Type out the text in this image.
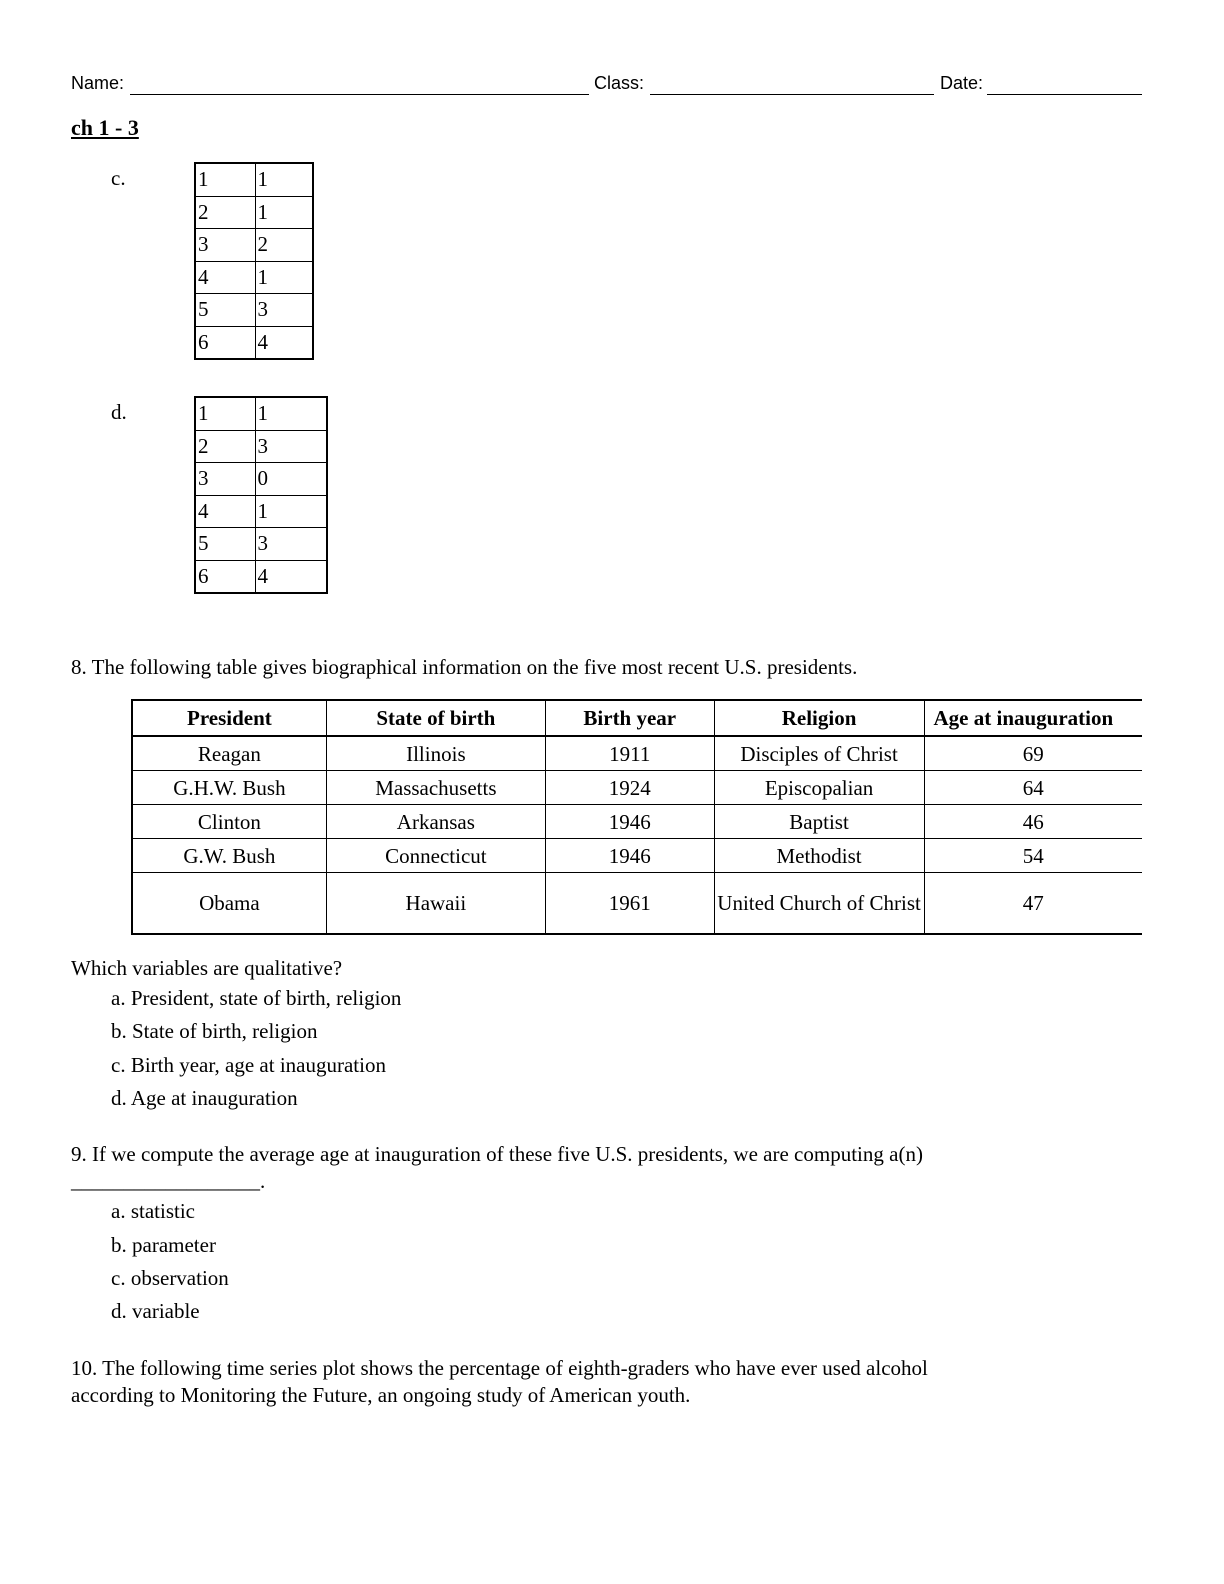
Name:	Class:	Date:
ch 1 - 3
c.	1	1
2	1
3	2
4	1
5	3
6	4
d.	1	1
2	3
3	0
4	1
5	3
6	4
8. The following table gives biographical information on the five most recent U.S. presidents.
President	State of birth	Birth year	Religion	Age at inauguration
Reagan	Illinois	1911	Disciples of Christ	69
G.H.W. Bush	Massachusetts	1924	Episcopalian	64
Clinton	Arkansas	1946	Baptist	46
G.W. Bush	Connecticut	1946	Methodist	54
Obama	Hawaii	1961	United Church of Christ	47
Which variables are qualitative?
a. President, state of birth, religion
b. State of birth, religion
c. Birth year, age at inauguration
d. Age at inauguration
9. If we compute the average age at inauguration of these five U.S. presidents, we are computing a(n)
__________________.
a. statistic
b. parameter
c. observation
d. variable
10. The following time series plot shows the percentage of eighth-graders who have ever used alcohol
according to Monitoring the Future, an ongoing study of American youth.
